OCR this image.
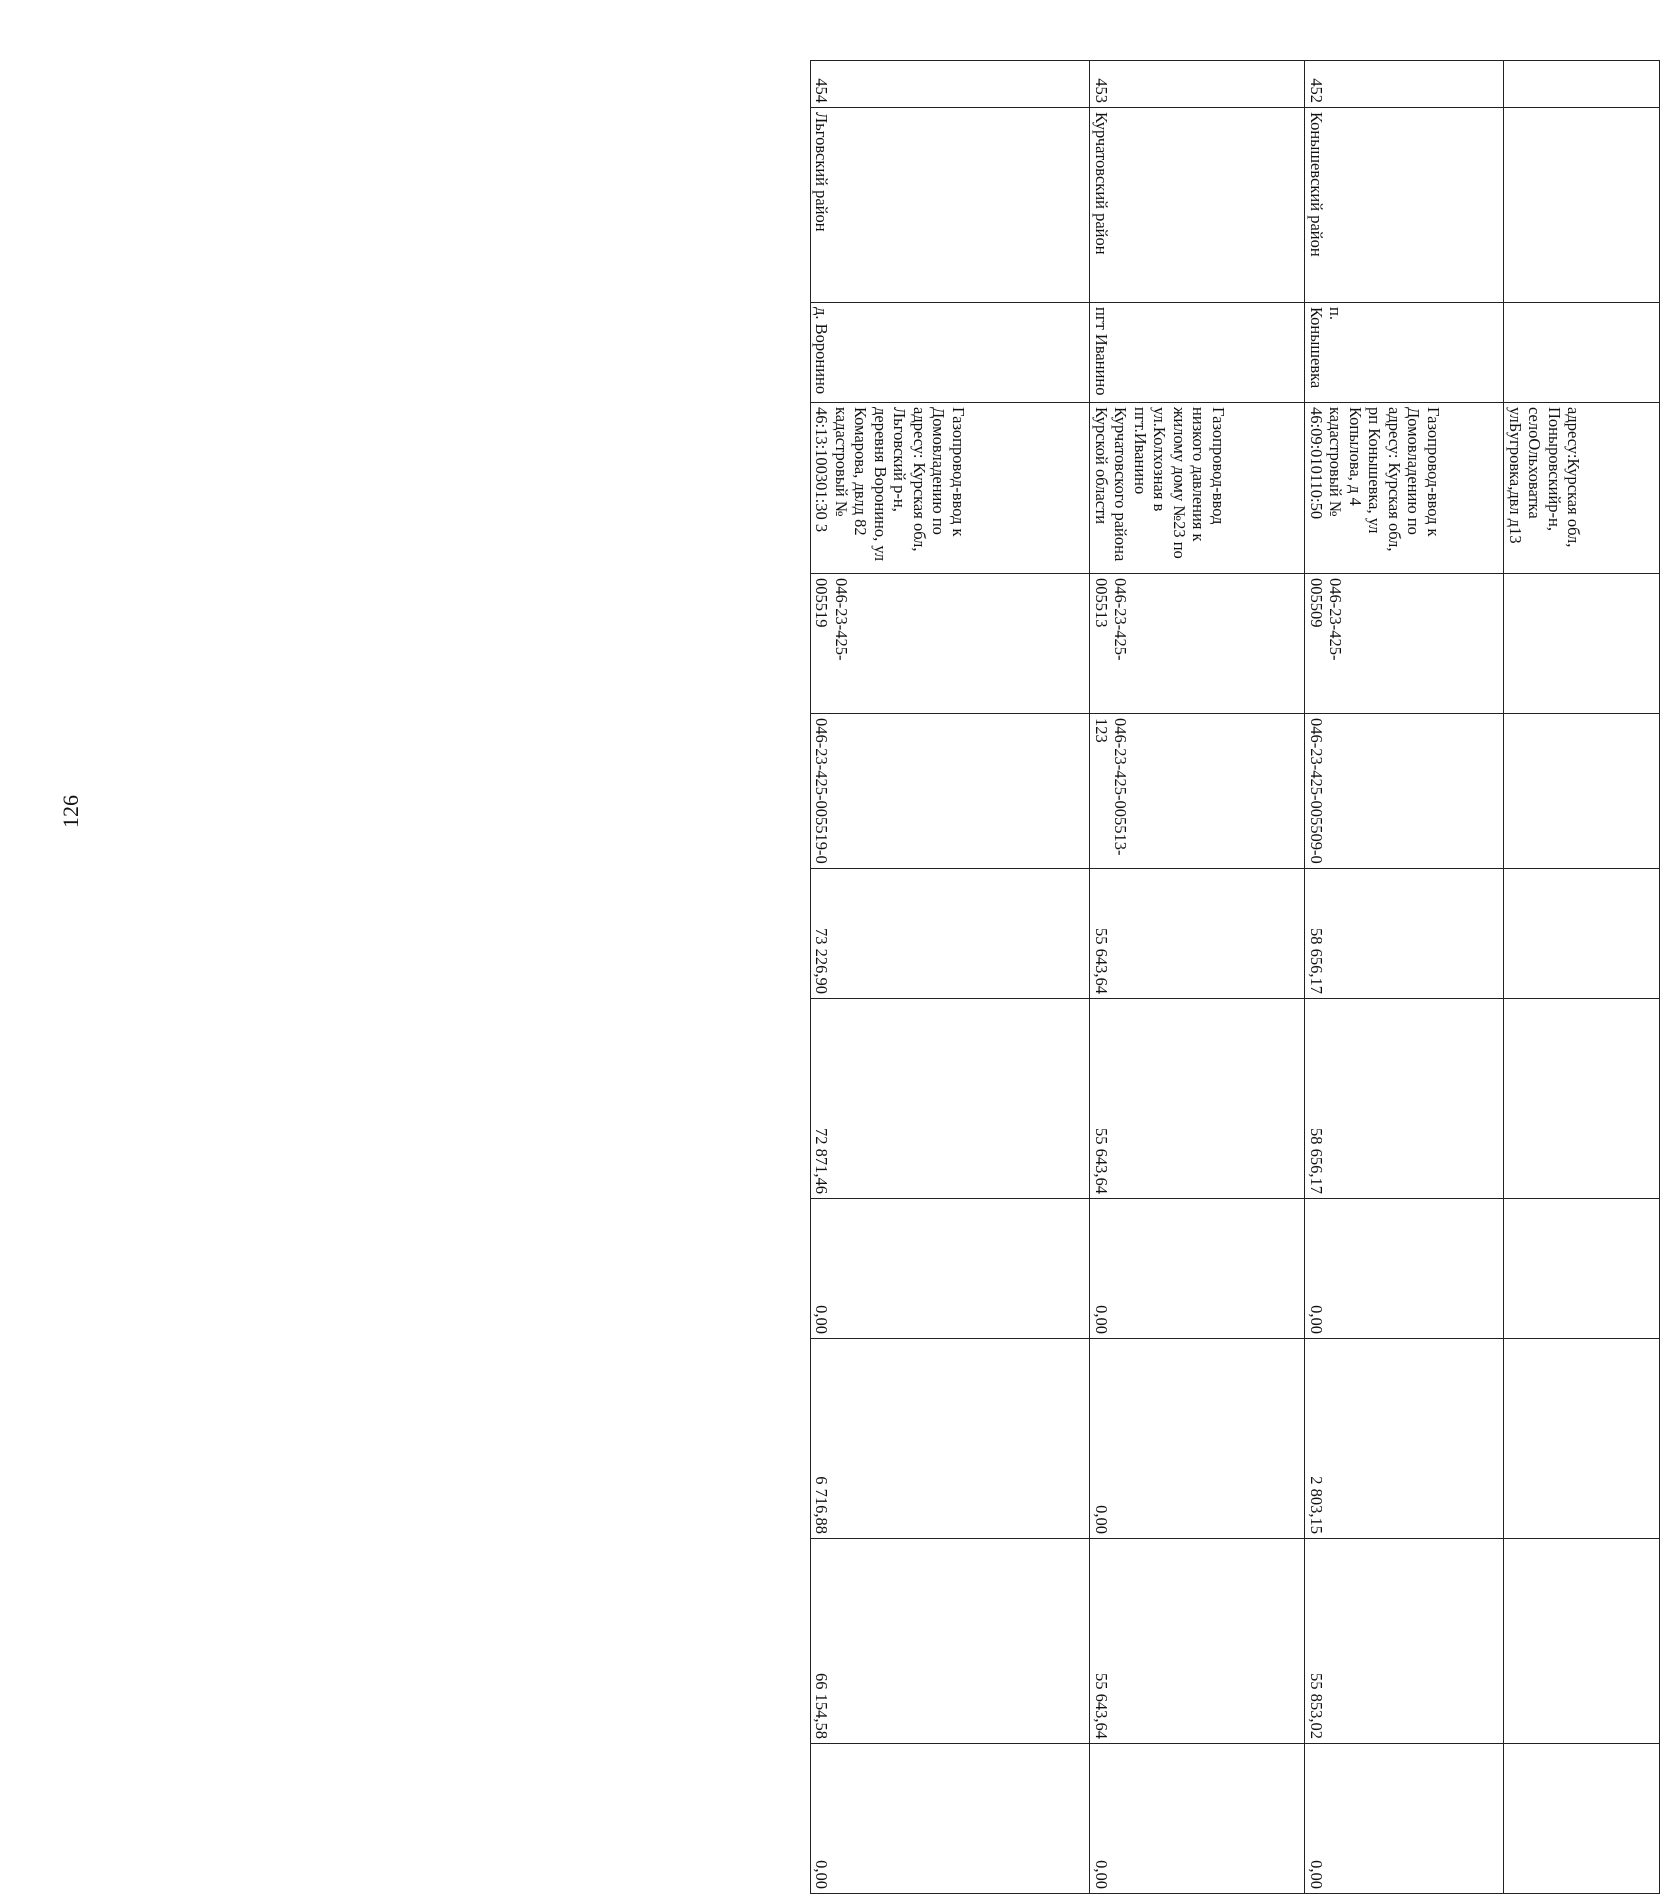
126
			адресу:Курская обл, Поныровскийр-н, селоОльховатка улБугровка,двл д13								
452	Конышевский район	п. Конышевка	Газопровод-ввод к Домовладению по адресу: Курская обл, рп Конышевка, ул Копылова, д 4 кадастровый № 46:09:010110:50	046-23-425-005509	046-23-425-005509-0	58 656,17	58 656,17	0,00	2 803,15	55 853,02	0,00
453	Курчатовский район	пгт Иванино	Газопровод-ввод низкого давления к жилому дому №23 по ул.Колхозная в пгт.Иванино Курчатовского района Курской области	046-23-425-005513	046-23-425-005513-123	55 643,64	55 643,64	0,00	0,00	55 643,64	0,00
454	Льговский район	д. Воронино	Газопровод-ввод к Домовладению по адресу: Курская обл, Льговский р-н, деревня Воронино, ул Комарова, двлд 82 кадастровый № 46:13:100301:30 3	046-23-425-005519	046-23-425-005519-0	73 226,90	72 871,46	0,00	6 716,88	66 154,58	0,00
